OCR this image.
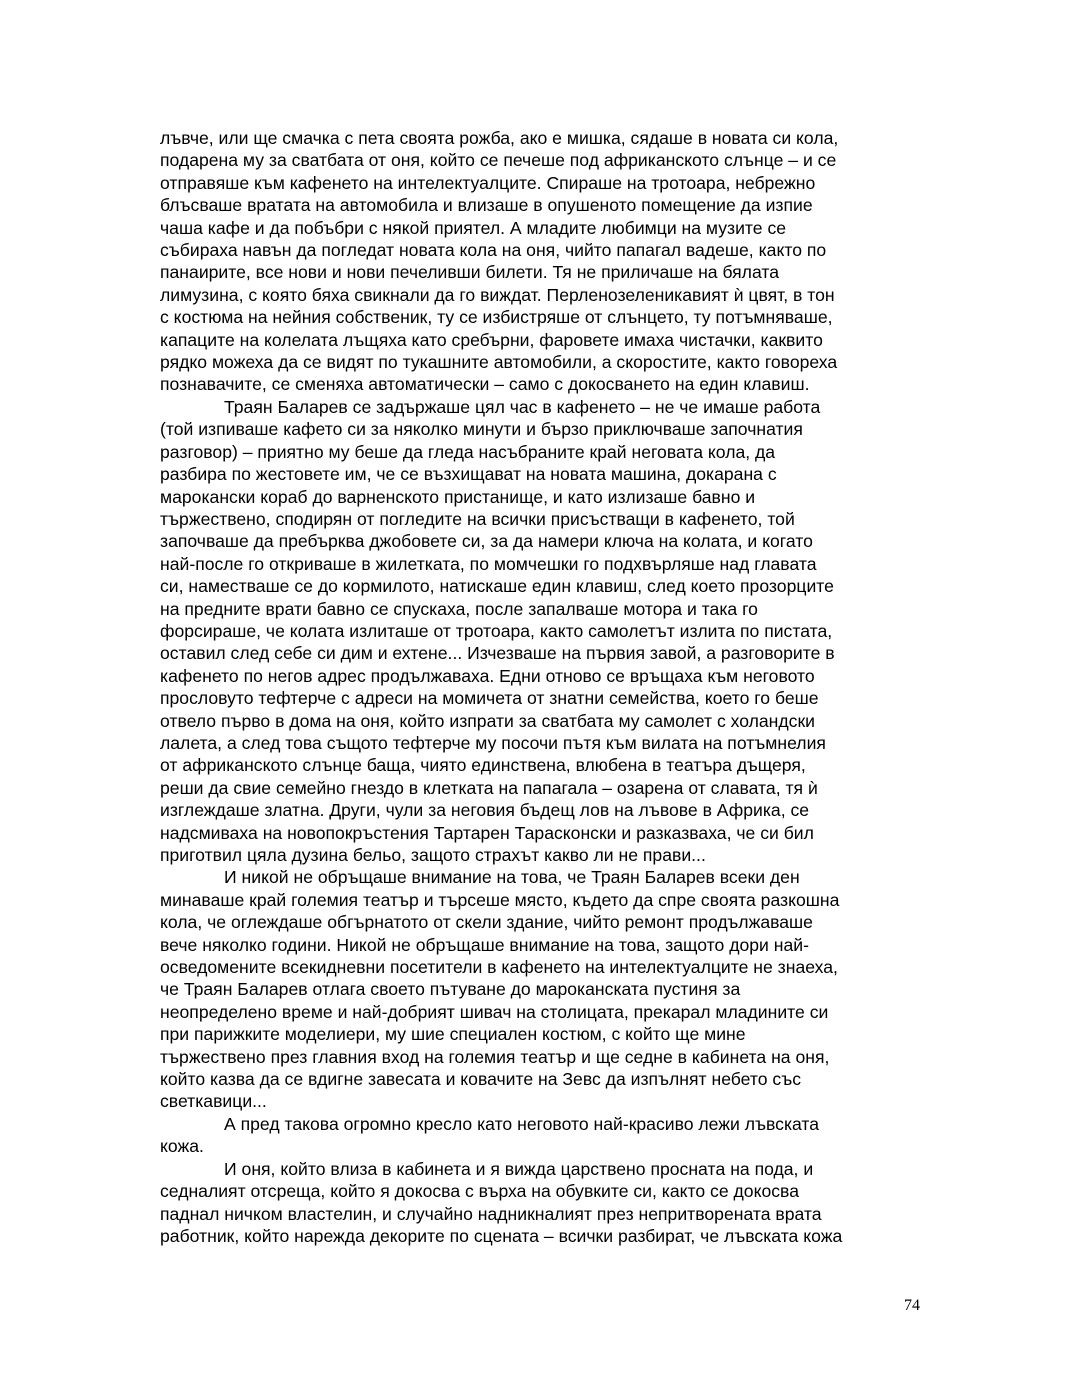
лъвче, или ще смачка с пета своята рожба, ако е мишка, сядаше в новата си кола,
подарена му за сватбата от оня, който се печеше под африканското слънце – и се
отправяше към кафенето на интелектуалците. Спираше на тротоара, небрежно
блъсваше вратата на автомобила и влизаше в опушеното помещение да изпие
чаша кафе и да побъбри с някой приятел. А младите любимци на музите се
събираха навън да погледат новата кола на оня, чийто папагал вадеше, както по
панаирите, все нови и нови печеливши билети. Тя не приличаше на бялата
лимузина, с която бяха свикнали да го виждат. Перленозеленикавият ѝ цвят, в тон
с костюма на нейния собственик, ту се избистряше от слънцето, ту потъмняваше,
капаците на колелата лъщяха като сребърни, фаровете имаха чистачки, каквито
рядко можеха да се видят по тукашните автомобили, а скоростите, както говореха
познавачите, се сменяха автоматически – само с докосването на един клавиш.
Траян Баларев се задържаше цял час в кафенето – не че имаше работа
(той изпиваше кафето си за няколко минути и бързо приключваше започнатия
разговор) – приятно му беше да гледа насъбраните край неговата кола, да
разбира по жестовете им, че се възхищават на новата машина, докарана с
марокански кораб до варненското пристанище, и като излизаше бавно и
тържествено, сподирян от погледите на всички присъстващи в кафенето, той
започваше да пребърква джобовете си, за да намери ключа на колата, и когато
най-после го откриваше в жилетката, по момчешки го подхвърляше над главата
си, наместваше се до кормилото, натискаше един клавиш, след което прозорците
на предните врати бавно се спускаха, после запалваше мотора и така го
форсираше, че колата излиташе от тротоара, както самолетът излита по пистата,
оставил след себе си дим и ехтене... Изчезваше на първия завой, а разговорите в
кафенето по негов адрес продължаваха. Едни отново се връщаха към неговото
прословуто тефтерче с адреси на момичета от знатни семейства, което го беше
отвело първо в дома на оня, който изпрати за сватбата му самолет с холандски
лалета, а след това същото тефтерче му посочи пътя към вилата на потъмнелия
от африканското слънце баща, чиято единствена, влюбена в театъра дъщеря,
реши да свие семейно гнездо в клетката на папагала – озарена от славата, тя ѝ
изглеждаше златна. Други, чули за неговия бъдещ лов на лъвове в Африка, се
надсмиваха на новопокръстения Тартарен Тарасконски и разказваха, че си бил
приготвил цяла дузина бельо, защото страхът какво ли не прави...
И никой не обръщаше внимание на това, че Траян Баларев всеки ден
минаваше край големия театър и търсеше място, където да спре своята разкошна
кола, че оглеждаше обгърнатото от скели здание, чийто ремонт продължаваше
вече няколко години. Никой не обръщаше внимание на това, защото дори най-
осведомените всекидневни посетители в кафенето на интелектуалците не знаеха,
че Траян Баларев отлага своето пътуване до мароканската пустиня за
неопределено време и най-добрият шивач на столицата, прекарал младините си
при парижките моделиери, му шие специален костюм, с който ще мине
тържествено през главния вход на големия театър и ще седне в кабинета на оня,
който казва да се вдигне завесата и ковачите на Зевс да изпълнят небето със
светкавици...
А пред такова огромно кресло като неговото най-красиво лежи лъвската
кожа.
И оня, който влиза в кабинета и я вижда царствено проснатa на пода, и
седналият отсреща, който я докосва с върха на обувките си, както се докосва
паднал ничком властелин, и случайно надникналият през непритворената врата
работник, който нарежда декорите по сцената – всички разбират, че лъвската кожа
74
